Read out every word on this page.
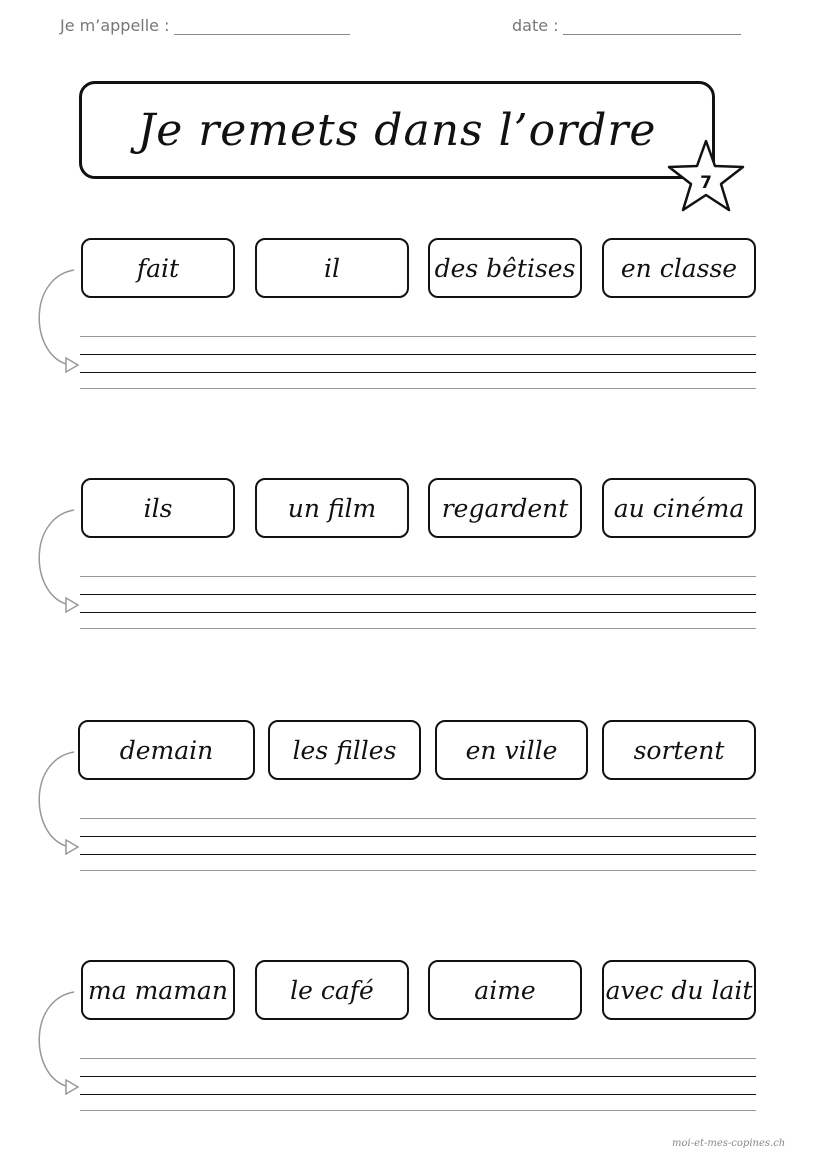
Je m’appelle :	date :
Je remets dans l’ordre
7
fait	il	des bêtises	en classe
ils	un film	regardent	au cinéma
demain	les filles	en ville	sortent
ma maman	le café	aime	avec du lait
moi-et-mes-copines.ch
